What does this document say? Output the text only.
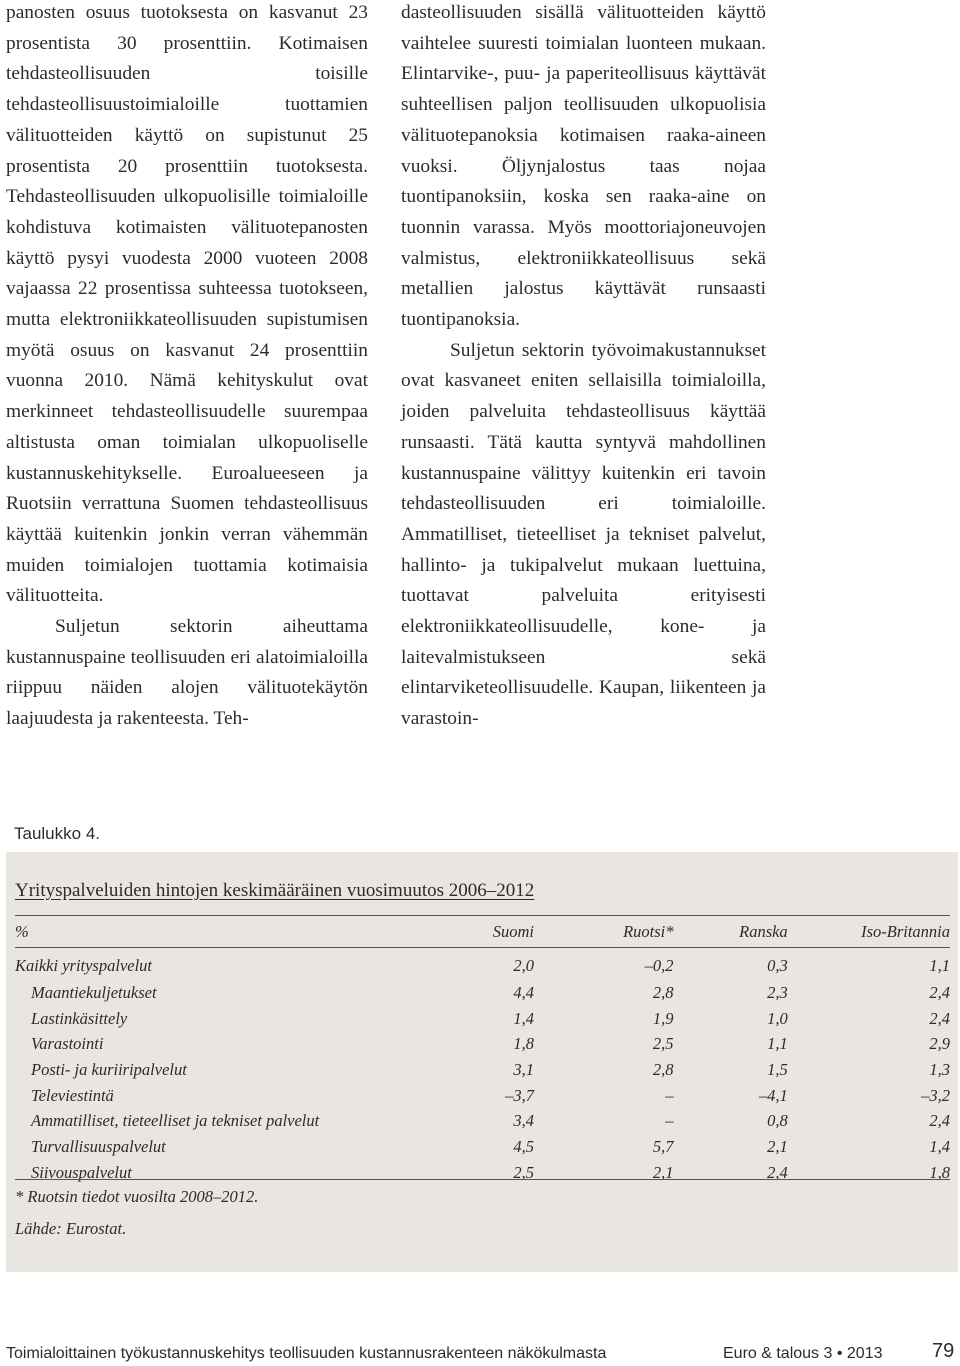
panosten osuus tuotoksesta on kasvanut 23 prosentista 30 prosenttiin. Kotimaisen tehdasteollisuuden toisille tehdasteollisuustoimialoille tuottamien välituotteiden käyttö on supistunut 25 prosentista 20 prosenttiin tuotoksesta. Tehdasteollisuuden ulkopuolisille toimialoille kohdistuva kotimaisten välituotepanosten käyttö pysyi vuodesta 2000 vuoteen 2008 vajaassa 22 prosentissa suhteessa tuotokseen, mutta elektroniikkateollisuuden supistumisen myötä osuus on kasvanut 24 prosenttiin vuonna 2010. Nämä kehityskulut ovat merkinneet tehdasteollisuudelle suurempaa altistusta oman toimialan ulkopuoliselle kustannuskehitykselle. Euroalueeseen ja Ruotsiin verrattuna Suomen tehdasteollisuus käyttää kuitenkin jonkin verran vähemmän muiden toimialojen tuottamia kotimaisia välituotteita.

Suljetun sektorin aiheuttama kustannuspaine teollisuuden eri alatoimialoilla riippuu näiden alojen välituotekäytön laajuudesta ja rakenteesta. Teh-

dasteollisuuden sisällä välituotteiden käyttö vaihtelee suuresti toimialan luonteen mukaan. Elintarvike-, puu- ja paperiteollisuus käyttävät suhteellisen paljon teollisuuden ulkopuolisia välituotepanoksia kotimaisen raaka-aineen vuoksi. Öljynjalostus taas nojaa tuontipanoksiin, koska sen raaka-aine on tuonnin varassa. Myös moottoriajoneuvojen valmistus, elektroniikkateollisuus sekä metallien jalostus käyttävät runsaasti tuontipanoksia.

Suljetun sektorin työvoimakustannukset ovat kasvaneet eniten sellaisilla toimialoilla, joiden palveluita tehdasteollisuus käyttää runsaasti. Tätä kautta syntyvä mahdollinen kustannuspaine välittyy kuitenkin eri tavoin tehdasteollisuuden eri toimialoille. Ammatilliset, tieteelliset ja tekniset palvelut, hallinto- ja tukipalvelut mukaan luettuina, tuottavat palveluita erityisesti elektroniikkateollisuudelle, kone- ja laitevalmistukseen sekä elintarviketeollisuudelle. Kaupan, liikenteen ja varastoin-

Taulukko 4.
Yrityspalveluiden hintojen keskimääräinen vuosimuutos 2006–2012
%	Suomi	Ruotsi*	Ranska	Iso-Britannia
Kaikki yrityspalvelut	2,0	–0,2	0,3	1,1
Maantiekuljetukset	4,4	2,8	2,3	2,4
Lastinkäsittely	1,4	1,9	1,0	2,4
Varastointi	1,8	2,5	1,1	2,9
Posti- ja kuriiripalvelut	3,1	2,8	1,5	1,3
Televiestintä	–3,7	–	–4,1	–3,2
Ammatilliset, tieteelliset ja tekniset palvelut	3,4	–	0,8	2,4
Turvallisuuspalvelut	4,5	5,7	2,1	1,4
Siivouspalvelut	2,5	2,1	2,4	1,8
* Ruotsin tiedot vuosilta 2008–2012.
Lähde: Eurostat.
Toimialoittainen työkustannuskehitys teollisuuden kustannusrakenteen näkökulmasta	Euro & talous 3 • 2013 79
